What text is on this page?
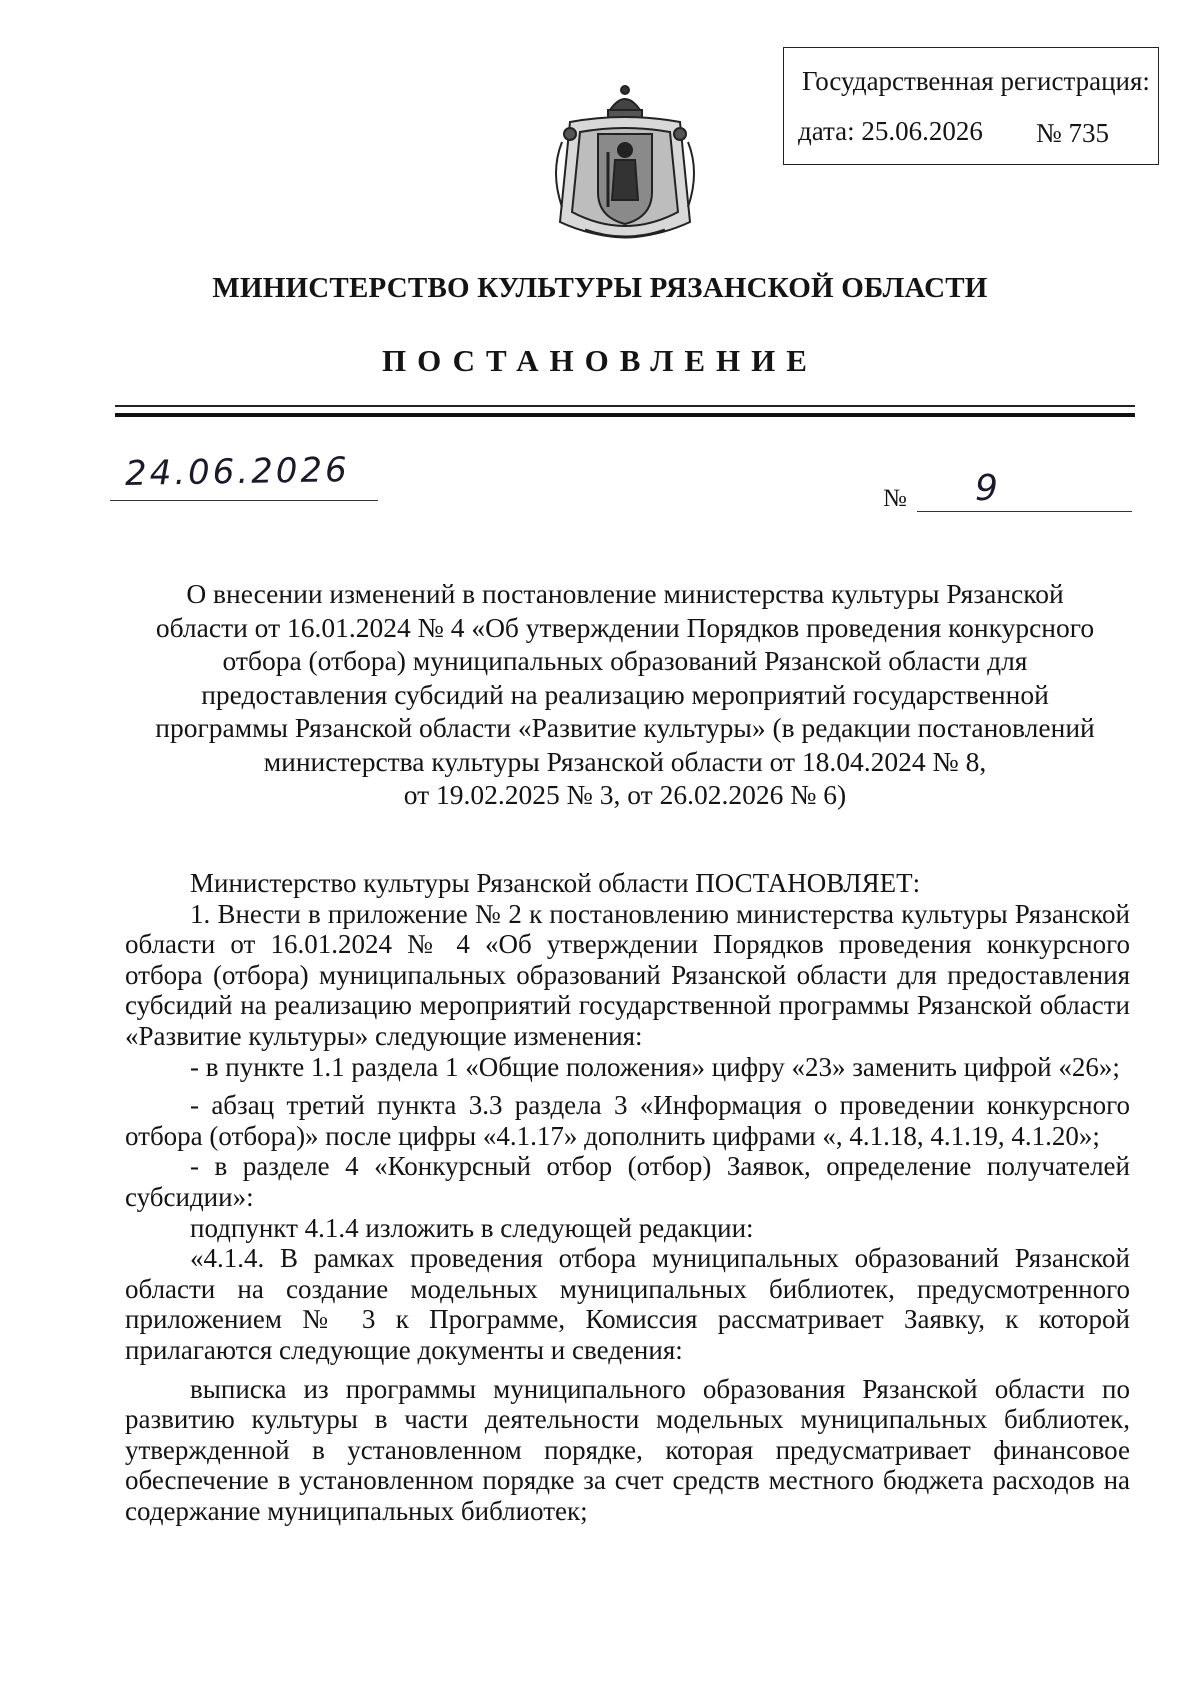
Государственная регистрация:
дата: 25.06.2026 № 735
МИНИСТЕРСТВО КУЛЬТУРЫ РЯЗАНСКОЙ ОБЛАСТИ
ПОСТАНОВЛЕНИЕ
24.06.2026
№ 9
О внесении изменений в постановление министерства культуры Рязанской
области от 16.01.2024 № 4 «Об утверждении Порядков проведения конкурсного
отбора (отбора) муниципальных образований Рязанской области для
предоставления субсидий на реализацию мероприятий государственной
программы Рязанской области «Развитие культуры» (в редакции постановлений
министерства культуры Рязанской области от 18.04.2024 № 8,
от 19.02.2025 № 3, от 26.02.2026 № 6)

Министерство культуры Рязанской области ПОСТАНОВЛЯЕТ:

1. Внести в приложение № 2 к постановлению министерства культуры Рязанской области от 16.01.2024 № 4 «Об утверждении Порядков проведения конкурсного отбора (отбора) муниципальных образований Рязанской области для предоставления субсидий на реализацию мероприятий государственной программы Рязанской области «Развитие культуры» следующие изменения:

- в пункте 1.1 раздела 1 «Общие положения» цифру «23» заменить цифрой «26»;

- абзац третий пункта 3.3 раздела 3 «Информация о проведении конкурсного отбора (отбора)» после цифры «4.1.17» дополнить цифрами «, 4.1.18, 4.1.19, 4.1.20»;

- в разделе 4 «Конкурсный отбор (отбор) Заявок, определение получателей субсидии»:

подпункт 4.1.4 изложить в следующей редакции:

«4.1.4. В рамках проведения отбора муниципальных образований Рязанской области на создание модельных муниципальных библиотек, предусмотренного приложением № 3 к Программе, Комиссия рассматривает Заявку, к которой прилагаются следующие документы и сведения:

выписка из программы муниципального образования Рязанской области по развитию культуры в части деятельности модельных муниципальных библиотек, утвержденной в установленном порядке, которая предусматривает финансовое обеспечение в установленном порядке за счет средств местного бюджета расходов на содержание муниципальных библиотек;
